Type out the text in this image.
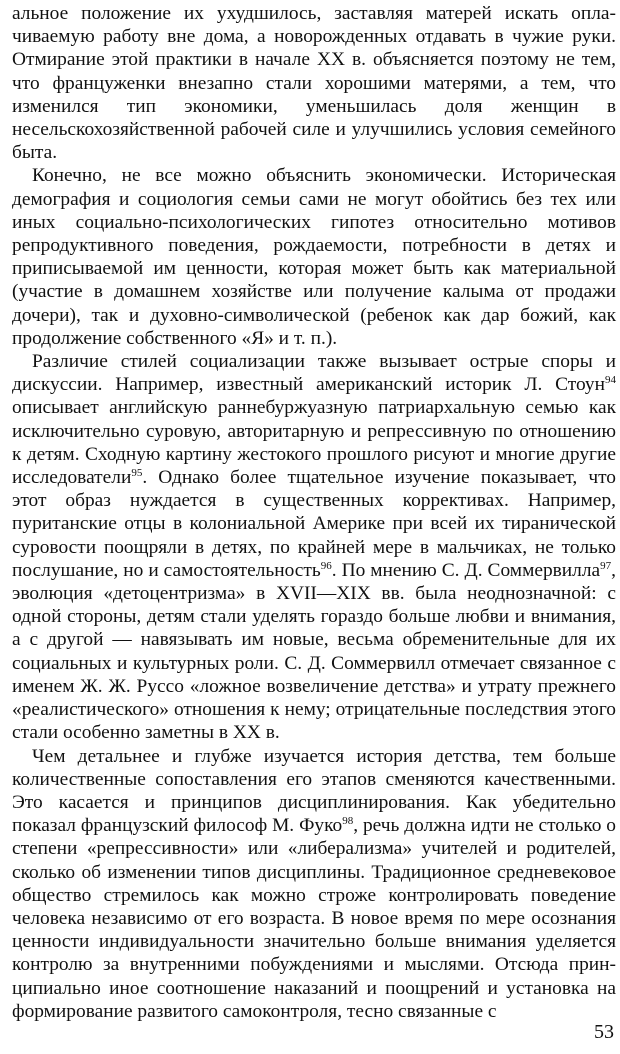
альное положение их ухудшилось, заставляя матерей искать оплачиваемую работу вне дома, а новорожденных отдавать в чужие руки. Отмирание этой практики в начале XX в. объясняется поэтому не тем, что француженки внезапно стали хорошими матерями, а тем, что изменился тип экономики, уменьшилась доля женщин в несельскохозяйственной рабочей силе и улучшились условия семейного быта.

Конечно, не все можно объяснить экономически. Историческая демография и социология семьи сами не могут обойтись без тех или иных социально-психологических гипотез относительно мотивов репродуктивного поведения, рождаемости, потребности в детях и приписываемой им ценности, которая может быть как материальной (участие в домашнем хозяйстве или получение калыма от продажи дочери), так и духовно-символической (ребенок как дар божий, как продолжение собственного «Я» и т. п.).

Различие стилей социализации также вызывает острые споры и дискуссии. Например, известный американский историк Л. Стоун$^{94}$ описывает английскую раннебуржуазную патриархальную семью как исключительно суровую, авторитарную и репрессивную по отношению к детям. Сходную картину жестокого прошлого рисуют и многие другие исследователи$^{95}$. Однако более тщательное изучение показывает, что этот образ нуждается в существенных коррективах. Например, пуританские отцы в колониальной Америке при всей их тиранической суровости поощряли в детях, по крайней мере в мальчиках, не только послушание, но и самостоятельность$^{96}$. По мнению С. Д. Соммервилла$^{97}$, эволюция «детоцентризма» в XVII—XIX вв. была неоднозначной: с одной стороны, детям стали уделять гораздо больше любви и внимания, а с другой — навязывать им новые, весьма обременительные для их социальных и культурных роли. С. Д. Соммервилл отмечает связанное с именем Ж. Ж. Руссо «ложное возвеличение детства» и утрату прежнего «реалистического» отношения к нему; отрицательные последствия этого стали особенно заметны в XX в.

Чем детальнее и глубже изучается история детства, тем больше количественные сопоставления его этапов сменяются качественными. Это касается и принципов дисциплинирования. Как убедительно показал французский философ М. Фуко$^{98}$, речь должна идти не столько о степени «репрессивности» или «либерализма» учителей и родителей, сколько об изменении типов дисциплины. Традиционное средневековое общество стремилось как можно строже контролировать поведение человека независимо от его возраста. В новое время по мере осознания ценности индивидуальности значительно больше внимания уделяется контролю за внутренними побуждениями и мыслями. Отсюда принципиально иное соотношение наказаний и поощрений и установка на формирование развитого самоконтроля, тесно связанные с

53
